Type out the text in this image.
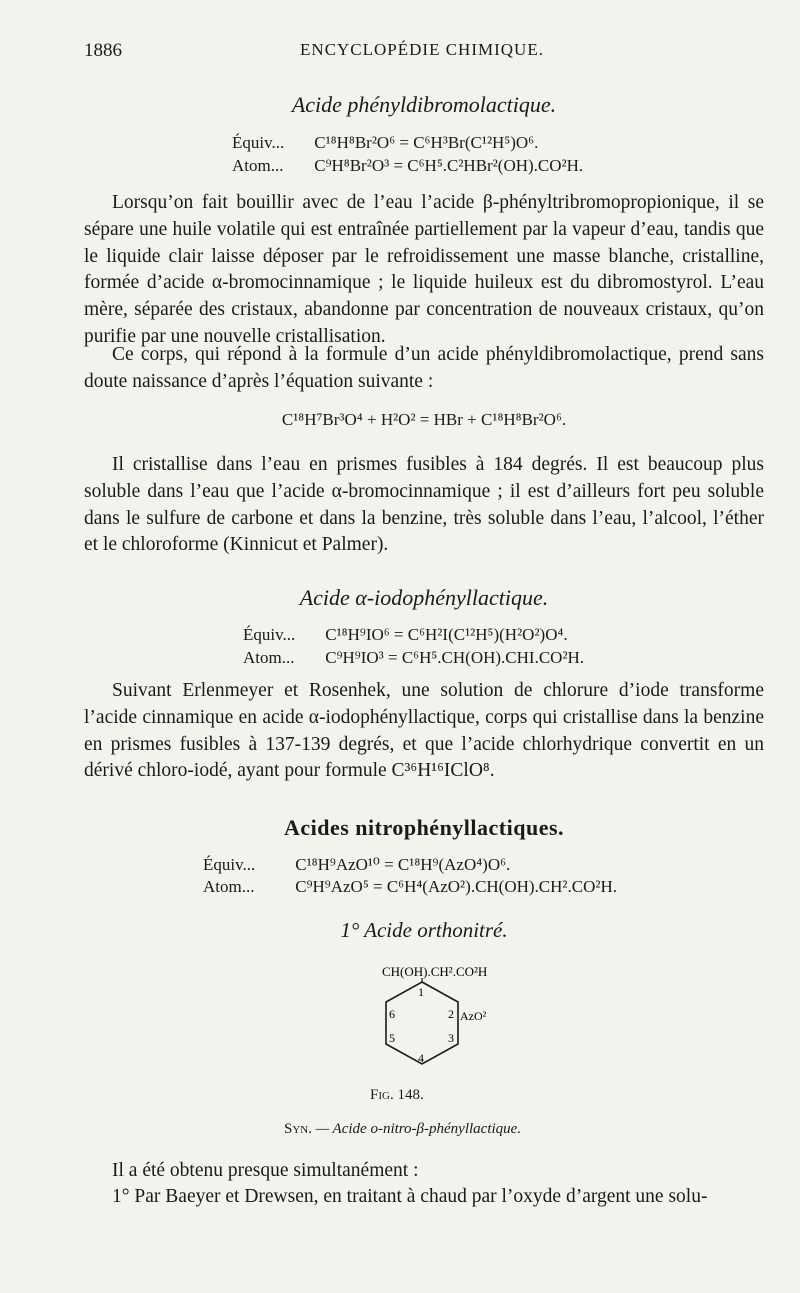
1886	ENCYCLOPÉDIE CHIMIQUE.
Acide phényldibromolactique.
Équiv... C¹⁸H⁸Br²O⁶ = C⁶H³Br(C¹²H⁵)O⁶.
Atom... C⁹H⁸Br²O³ = C⁶H⁵.C²HBr²(OH).CO²H.

Lorsqu’on fait bouillir avec de l’eau l’acide β-phényltribromopropionique, il se sépare une huile volatile qui est entraînée partiellement par la vapeur d’eau, tandis que le liquide clair laisse déposer par le refroidissement une masse blanche, cristalline, formée d’acide α-bromocinnamique ; le liquide huileux est du dibromostyrol. L’eau mère, séparée des cristaux, abandonne par concentration de nouveaux cristaux, qu’on purifie par une nouvelle cristallisation.

Ce corps, qui répond à la formule d’un acide phényldibromolactique, prend sans doute naissance d’après l’équation suivante :

C¹⁸H⁷Br³O⁴ + H²O² = HBr + C¹⁸H⁸Br²O⁶.

Il cristallise dans l’eau en prismes fusibles à 184 degrés. Il est beaucoup plus soluble dans l’eau que l’acide α-bromocinnamique ; il est d’ailleurs fort peu soluble dans le sulfure de carbone et dans la benzine, très soluble dans l’eau, l’alcool, l’éther et le chloroforme (Kinnicut et Palmer).

Acide α-iodophényllactique.
Équiv... C¹⁸H⁹IO⁶ = C⁶H²I(C¹²H⁵)(H²O²)O⁴.
Atom... C⁹H⁹IO³ = C⁶H⁵.CH(OH).CHI.CO²H.

Suivant Erlenmeyer et Rosenhek, une solution de chlorure d’iode transforme l’acide cinnamique en acide α-iodophényllactique, corps qui cristallise dans la benzine en prismes fusibles à 137-139 degrés, et que l’acide chlorhydrique convertit en un dérivé chloro-iodé, ayant pour formule C³⁶H¹⁶IClO⁸.

Acides nitrophényllactiques.
Équiv... C¹⁸H⁹AzO¹⁰ = C¹⁸H⁹(AzO⁴)O⁶.
Atom... C⁹H⁹AzO⁵ = C⁶H⁴(AzO²).CH(OH).CH².CO²H.
1° Acide orthonitré.
CH(OH).CH².CO²H
1
2
3
4
5
6	AzO²
Fig. 148.
Syn. — Acide o-nitro-β-phényllactique.

Il a été obtenu presque simultanément :

1° Par Baeyer et Drewsen, en traitant à chaud par l’oxyde d’argent une solu-
